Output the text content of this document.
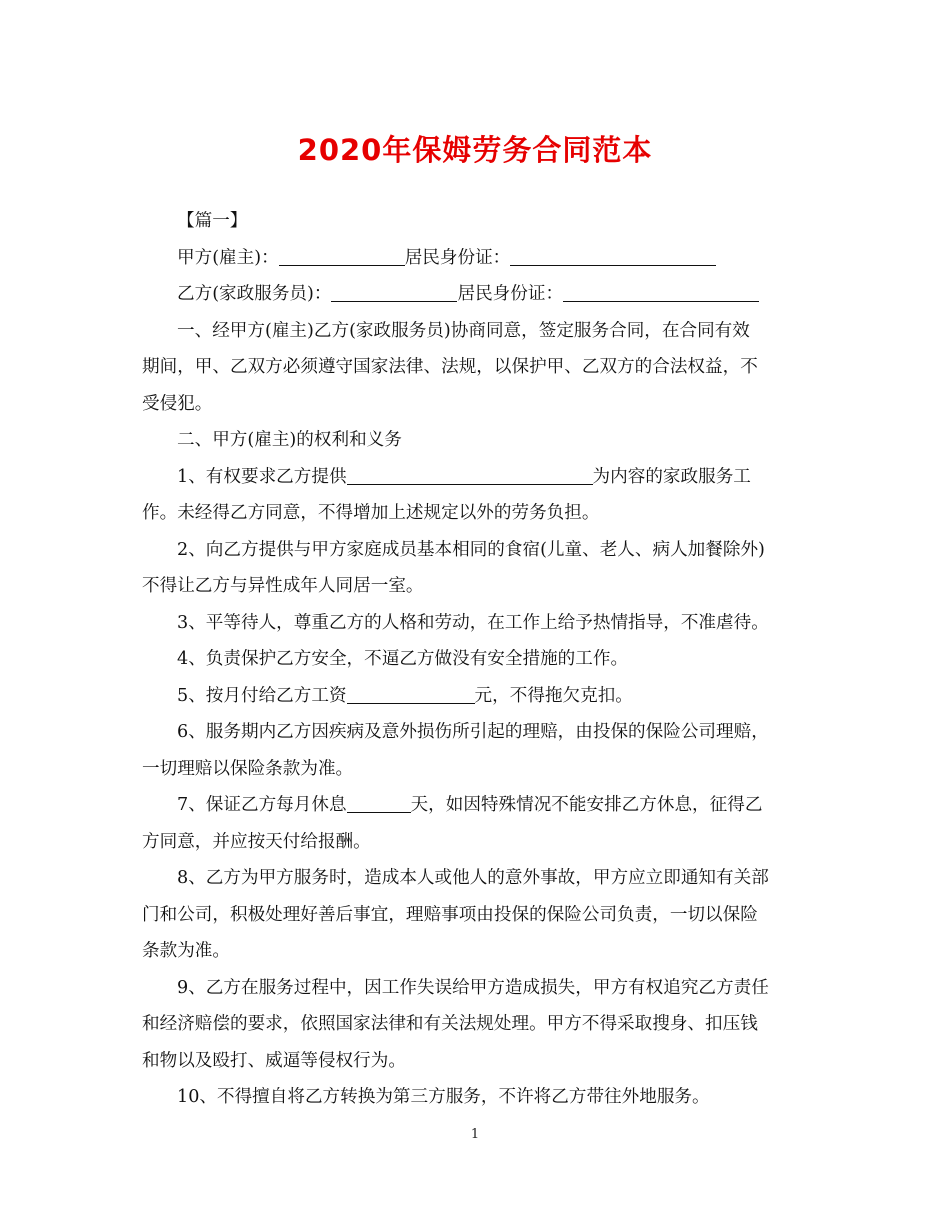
2020年保姆劳务合同范本
【篇一】
甲方(雇主)：	居民身份证：
乙方(家政服务员)：	居民身份证：
一、经甲方(雇主)乙方(家政服务员)协商同意，签定服务合同，在合同有效
期间，甲、乙双方必须遵守国家法律、法规，以保护甲、乙双方的合法权益，不
受侵犯。
二、甲方(雇主)的权利和义务
1、有权要求乙方提供	为内容的家政服务工
作。未经得乙方同意，不得增加上述规定以外的劳务负担。
2、向乙方提供与甲方家庭成员基本相同的食宿(儿童、老人、病人加餐除外)
不得让乙方与异性成年人同居一室。
3、平等待人，尊重乙方的人格和劳动，在工作上给予热情指导，不准虐待。
4、负责保护乙方安全，不逼乙方做没有安全措施的工作。
5、按月付给乙方工资	元，不得拖欠克扣。
6、服务期内乙方因疾病及意外损伤所引起的理赔，由投保的保险公司理赔，
一切理赔以保险条款为准。
7、保证乙方每月休息	天，如因特殊情况不能安排乙方休息，征得乙
方同意，并应按天付给报酬。
8、乙方为甲方服务时，造成本人或他人的意外事故，甲方应立即通知有关部
门和公司，积极处理好善后事宜，理赔事项由投保的保险公司负责，一切以保险
条款为准。
9、乙方在服务过程中，因工作失误给甲方造成损失，甲方有权追究乙方责任
和经济赔偿的要求，依照国家法律和有关法规处理。甲方不得采取搜身、扣压钱
和物以及殴打、威逼等侵权行为。
10、不得擅自将乙方转换为第三方服务，不许将乙方带往外地服务。
1
